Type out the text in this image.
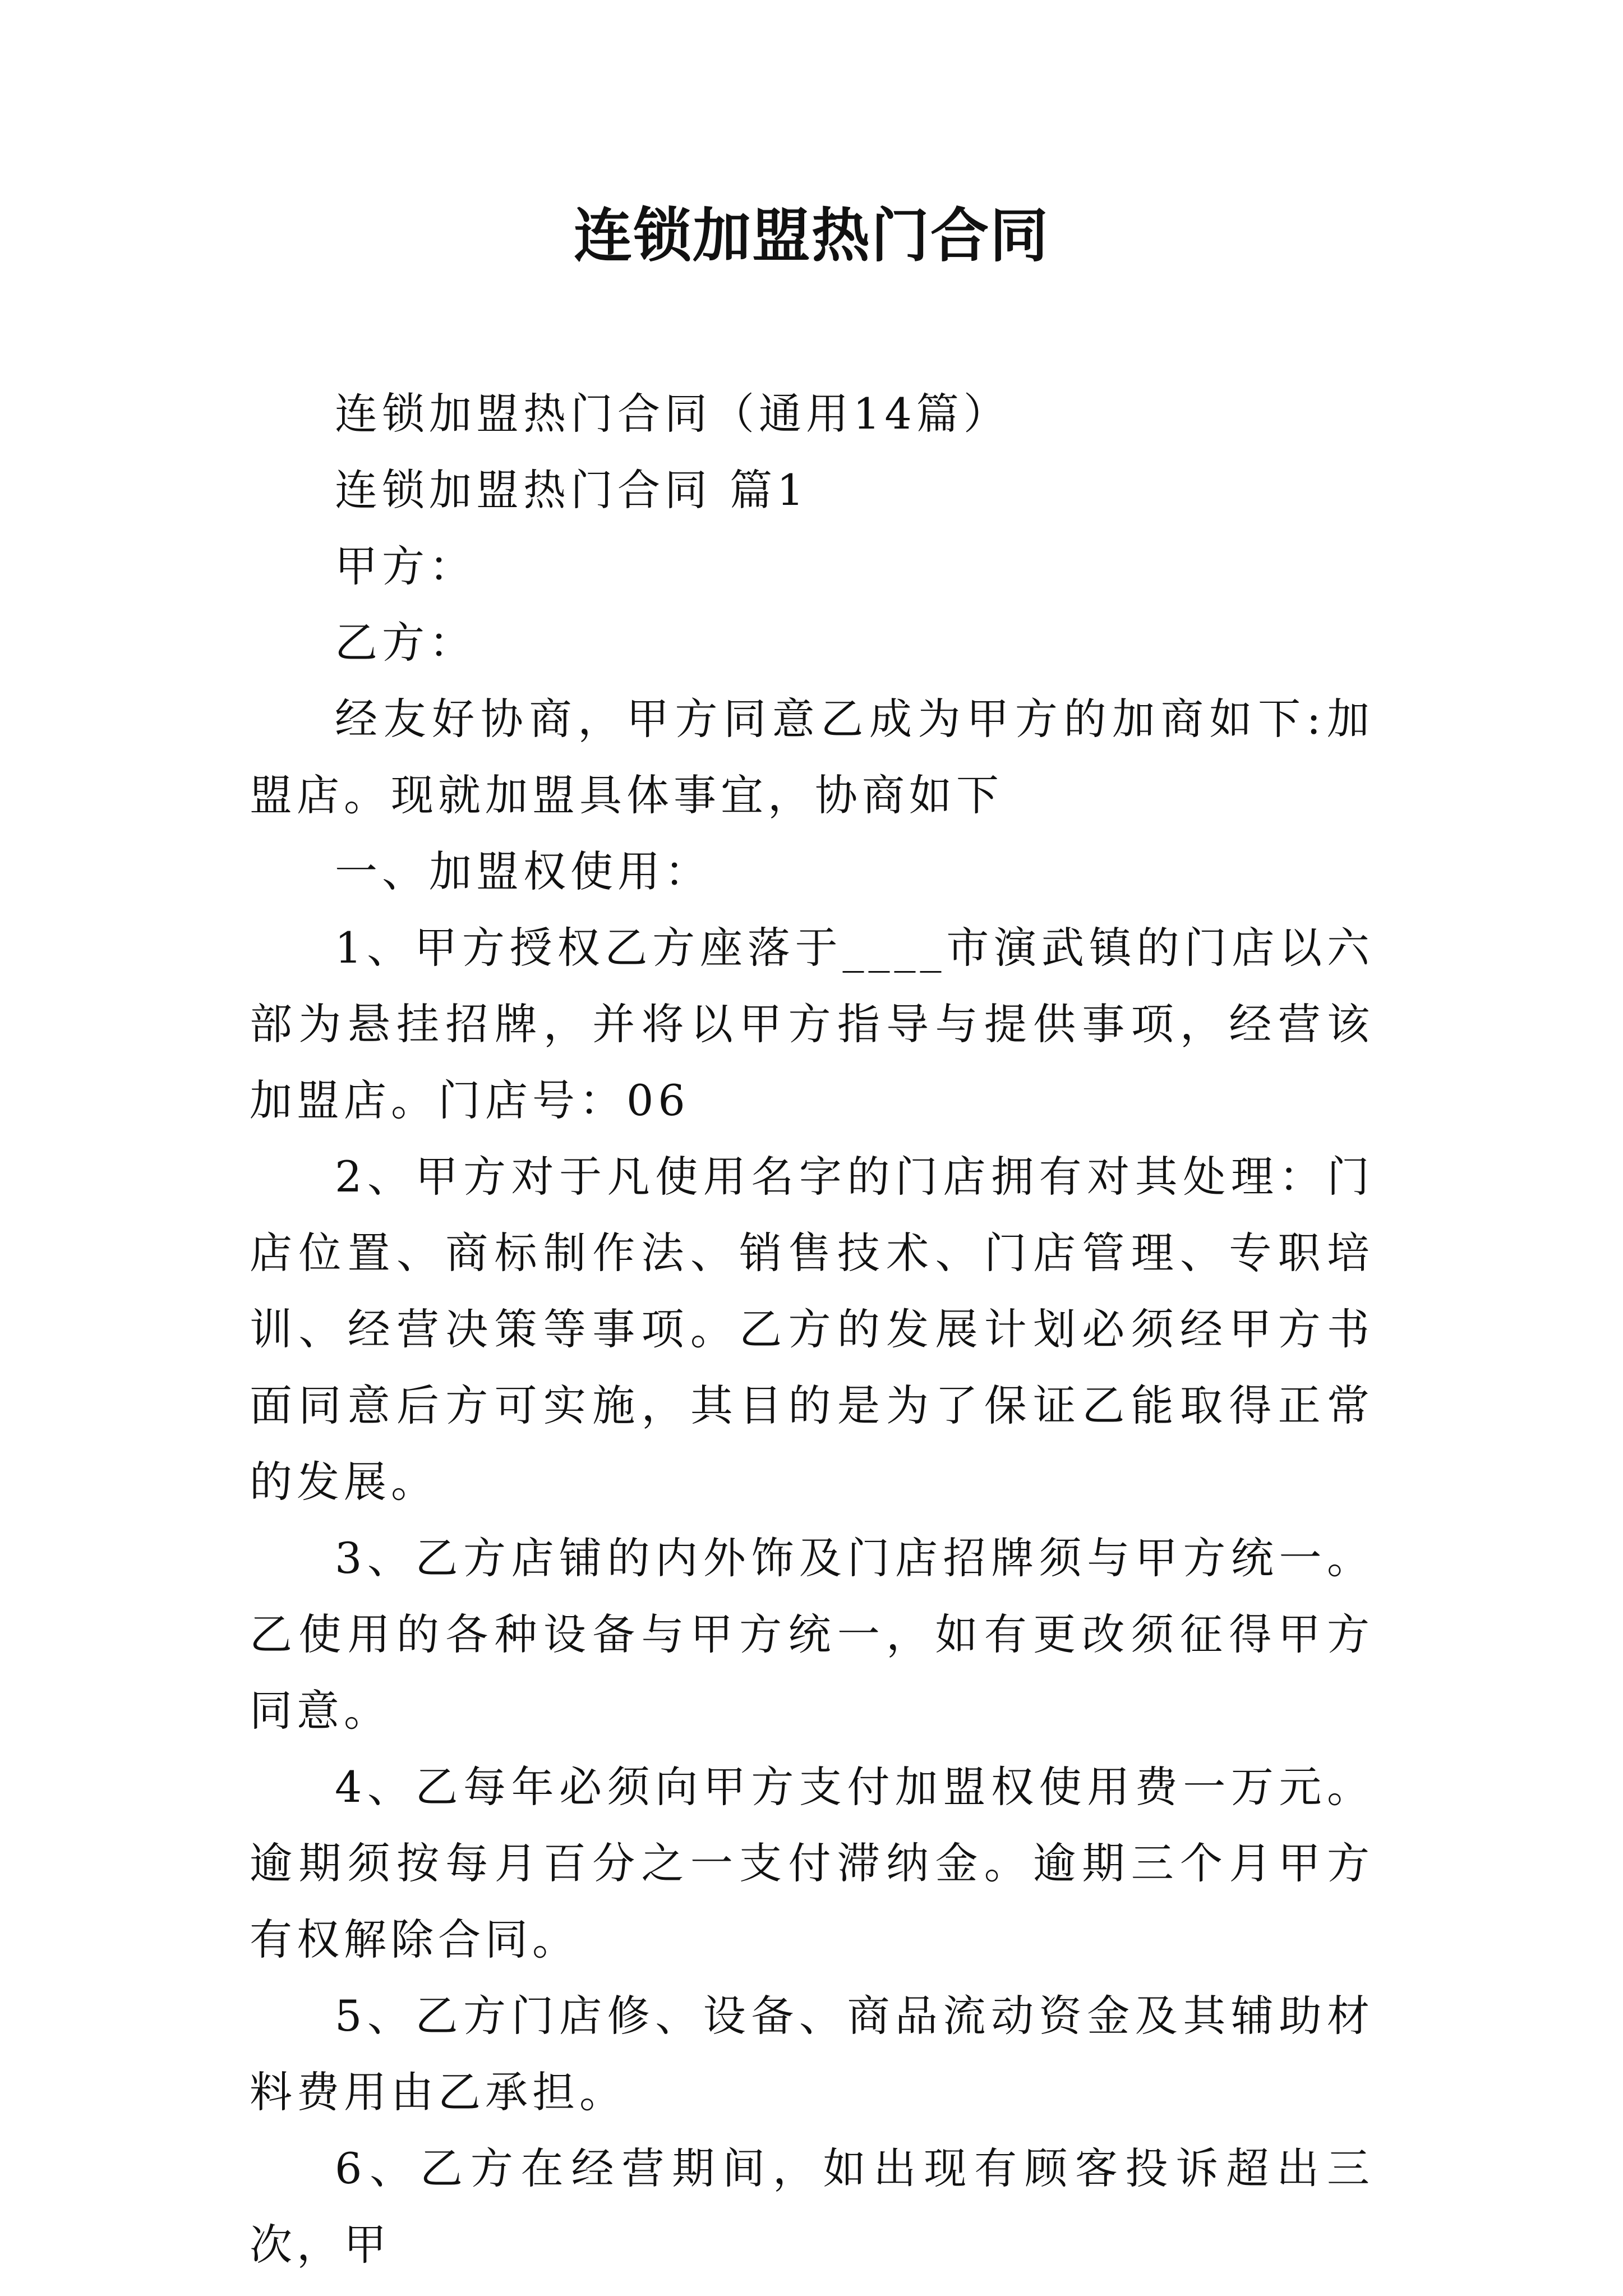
连锁加盟热门合同

连锁加盟热门合同（通用14篇）

连锁加盟热门合同 篇1

甲方：

乙方：

经友好协商，甲方同意乙成为甲方的加商如下:加盟店。现就加盟具体事宜，协商如下

一、加盟权使用：

1、甲方授权乙方座落于____市演武镇的门店以六部为悬挂招牌，并将以甲方指导与提供事项，经营该加盟店。门店号：06

2、甲方对于凡使用名字的门店拥有对其处理：门店位置、商标制作法、销售技术、门店管理、专职培训、经营决策等事项。乙方的发展计划必须经甲方书面同意后方可实施，其目的是为了保证乙能取得正常的发展。

3、乙方店铺的内外饰及门店招牌须与甲方统一。乙使用的各种设备与甲方统一，如有更改须征得甲方同意。

4、乙每年必须向甲方支付加盟权使用费一万元。逾期须按每月百分之一支付滞纳金。逾期三个月甲方有权解除合同。

5、乙方门店修、设备、商品流动资金及其辅助材料费用由乙承担。

6、乙方在经营期间，如出现有顾客投诉超出三次，甲
